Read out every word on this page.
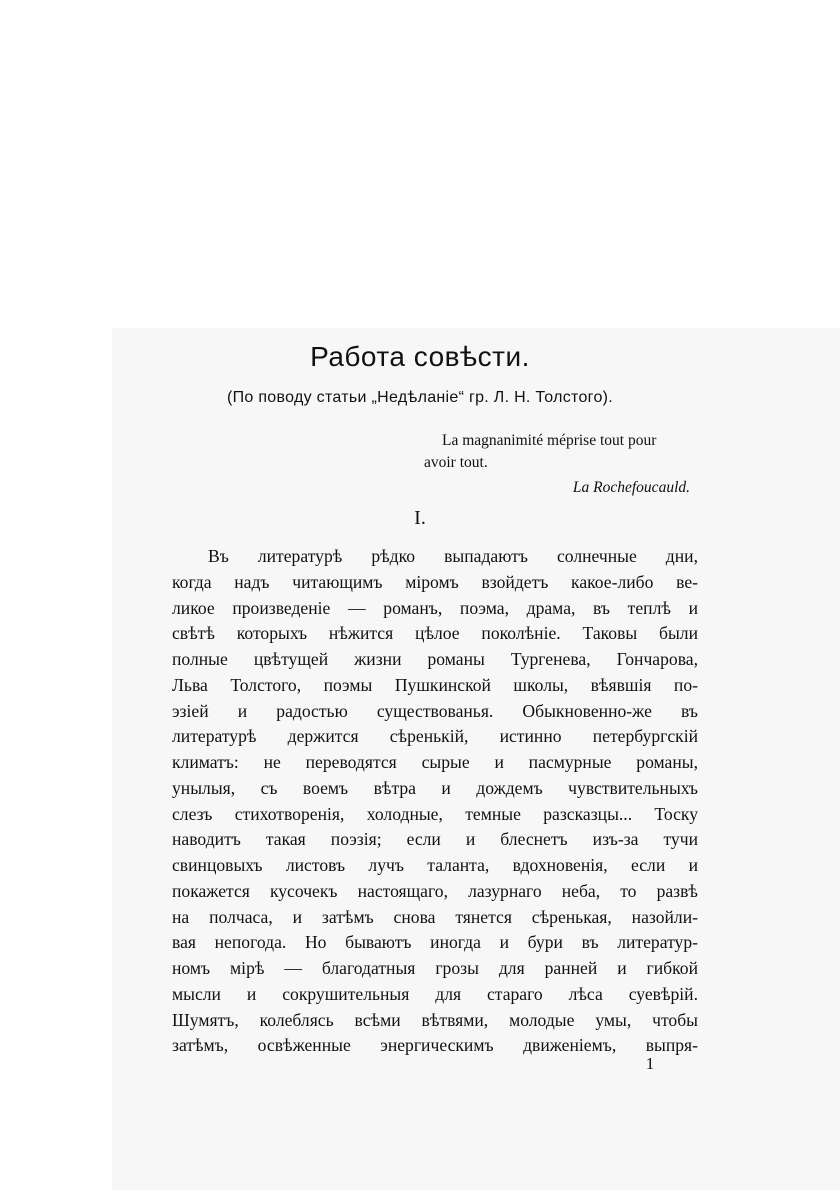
Работа совѣсти.
(По поводу статьи „Недѣланіе“ гр. Л. Н. Толстого).
La magnanimité méprise tout pour
avoir tout.
La Rochefoucauld.
I.
Въ литературѣ рѣдко выпадаютъ солнечные дни,
когда надъ читающимъ міромъ взойдетъ какое-либо ве-
ликое произведеніе — романъ, поэма, драма, въ теплѣ и
свѣтѣ которыхъ нѣжится цѣлое поколѣніе. Таковы были
полные цвѣтущей жизни романы Тургенева, Гончарова,
Льва Толстого, поэмы Пушкинской школы, вѣявшія по-
эзіей и радостью существованья. Обыкновенно-же въ
литературѣ держится сѣренькій, истинно петербургскій
климатъ: не переводятся сырые и пасмурные романы,
унылыя, съ воемъ вѣтра и дождемъ чувствительныхъ
слезъ стихотворенія, холодные, темные разсказцы... Тоску
наводитъ такая поэзія; если и блеснетъ изъ-за тучи
свинцовыхъ листовъ лучъ таланта, вдохновенія, если и
покажется кусочекъ настоящаго, лазурнаго неба, то развѣ
на полчаса, и затѣмъ снова тянется сѣренькая, назойли-
вая непогода. Но бываютъ иногда и бури въ литератур-
номъ мірѣ — благодатныя грозы для ранней и гибкой
мысли и сокрушительныя для стараго лѣса суевѣрій.
Шумятъ, колеблясь всѣми вѣтвями, молодые умы, чтобы
затѣмъ, освѣженные энергическимъ движеніемъ, выпря-
1
